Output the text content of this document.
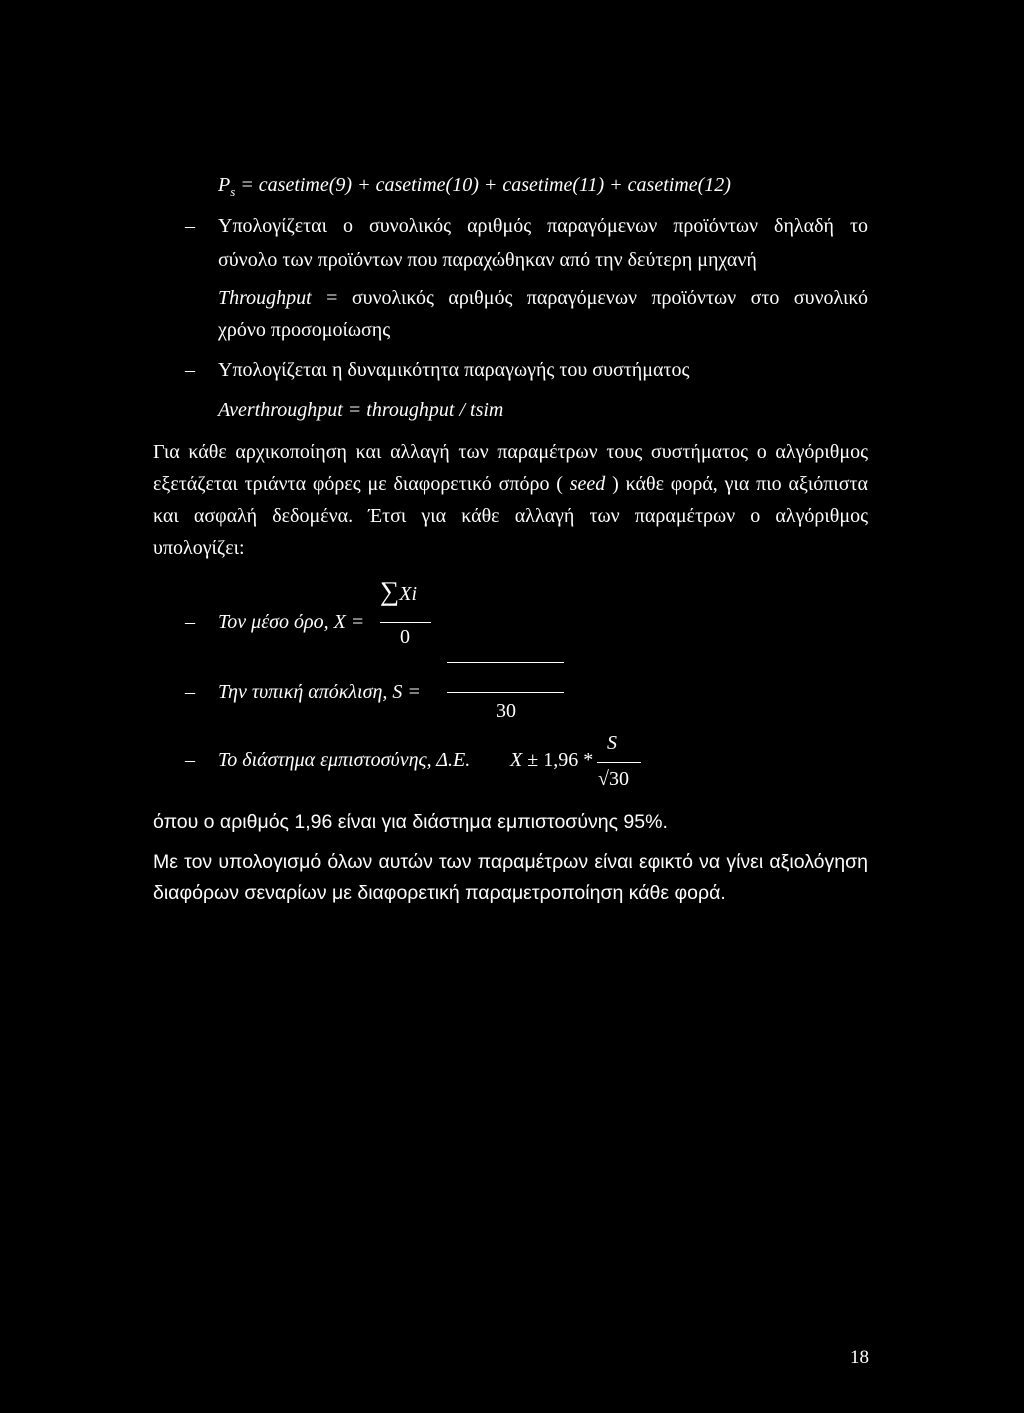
$P_s$ = casetime(9) + casetime(10) + casetime(11) + casetime(12)
– Υπολογίζεται ο συνολικός αριθμός παραγόμενων προϊόντων δηλαδή το
σύνολο των προϊόντων που παραχώθηκαν από την δεύτερη μηχανή
Throughput = συνολικός αριθμός παραγόμενων προϊόντων στο συνολικό
χρόνο προσομοίωσης
– Υπολογίζεται η δυναμικότητα παραγωγής του συστήματος
Averthroughput = throughput / tsim
Για κάθε αρχικοποίηση και αλλαγή των παραμέτρων τους συστήματος ο αλγόριθμος
εξετάζεται τριάντα φόρες με διαφορετικό σπόρο ( seed ) κάθε φορά, για πιο αξιόπιστα
και ασφαλή δεδομένα. Έτσι για κάθε αλλαγή των παραμέτρων ο αλγόριθμος
υπολογίζει:
∑Xi
– Τον μέσο όρο, X =
0
– Την τυπική απόκλιση, S =
30
S
– Το διάστημα εμπιστοσύνης, Δ.Ε. X ± 1,96 *
√30
όπου ο αριθμός 1,96 είναι για διάστημα εμπιστοσύνης 95%.
Με τον υπολογισμό όλων αυτών των παραμέτρων είναι εφικτό να γίνει αξιολόγηση
διαφόρων σεναρίων με διαφορετική παραμετροποίηση κάθε φορά.
18
